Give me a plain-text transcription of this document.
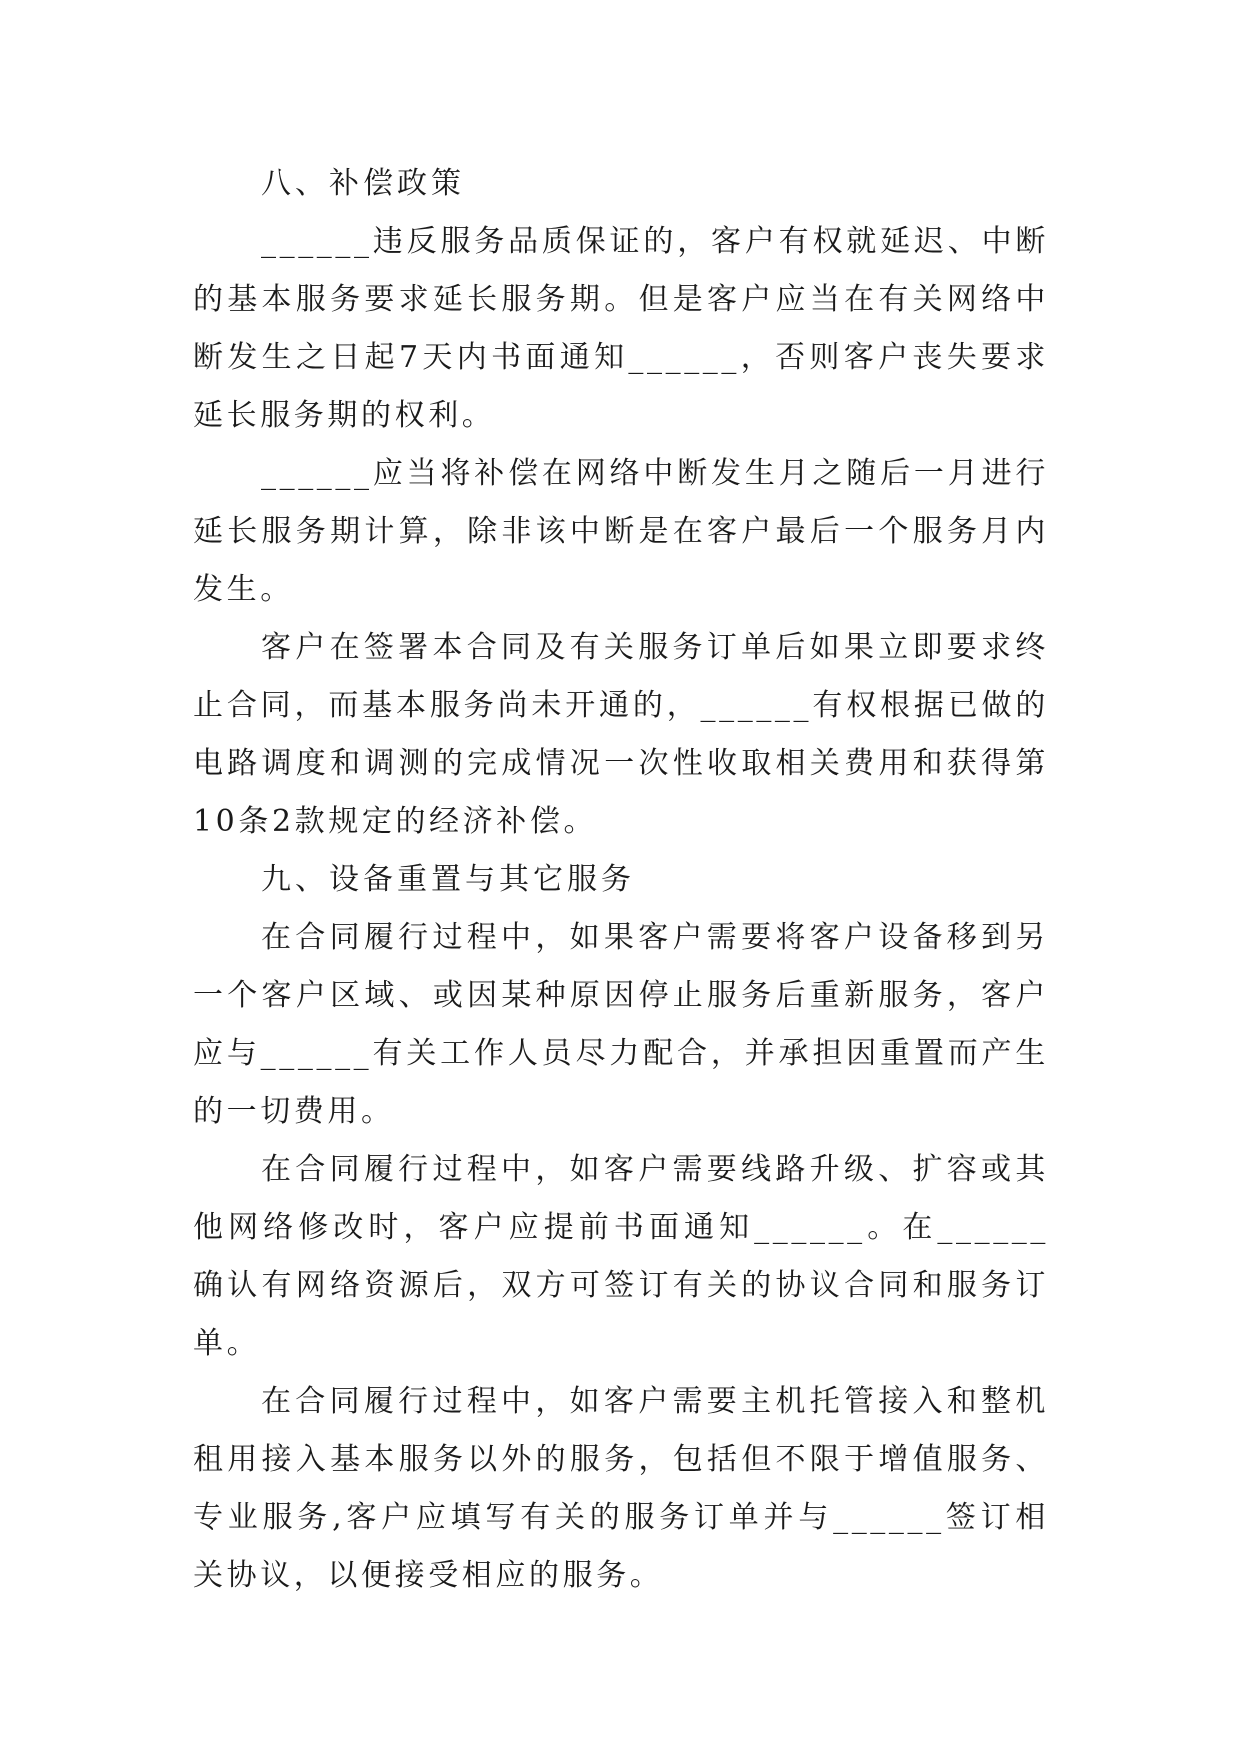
八、补偿政策

______违反服务品质保证的，客户有权就延迟、中断的基本服务要求延长服务期。但是客户应当在有关网络中断发生之日起7天内书面通知______，否则客户丧失要求延长服务期的权利。

______应当将补偿在网络中断发生月之随后一月进行延长服务期计算，除非该中断是在客户最后一个服务月内发生。

客户在签署本合同及有关服务订单后如果立即要求终止合同，而基本服务尚未开通的，______有权根据已做的电路调度和调测的完成情况一次性收取相关费用和获得第10条2款规定的经济补偿。

九、设备重置与其它服务

在合同履行过程中，如果客户需要将客户设备移到另一个客户区域、或因某种原因停止服务后重新服务，客户应与______有关工作人员尽力配合，并承担因重置而产生的一切费用。

在合同履行过程中，如客户需要线路升级、扩容或其他网络修改时，客户应提前书面通知______。在______确认有网络资源后，双方可签订有关的协议合同和服务订单。

在合同履行过程中，如客户需要主机托管接入和整机租用接入基本服务以外的服务，包括但不限于增值服务、专业服务,客户应填写有关的服务订单并与______签订相关协议，以便接受相应的服务。
